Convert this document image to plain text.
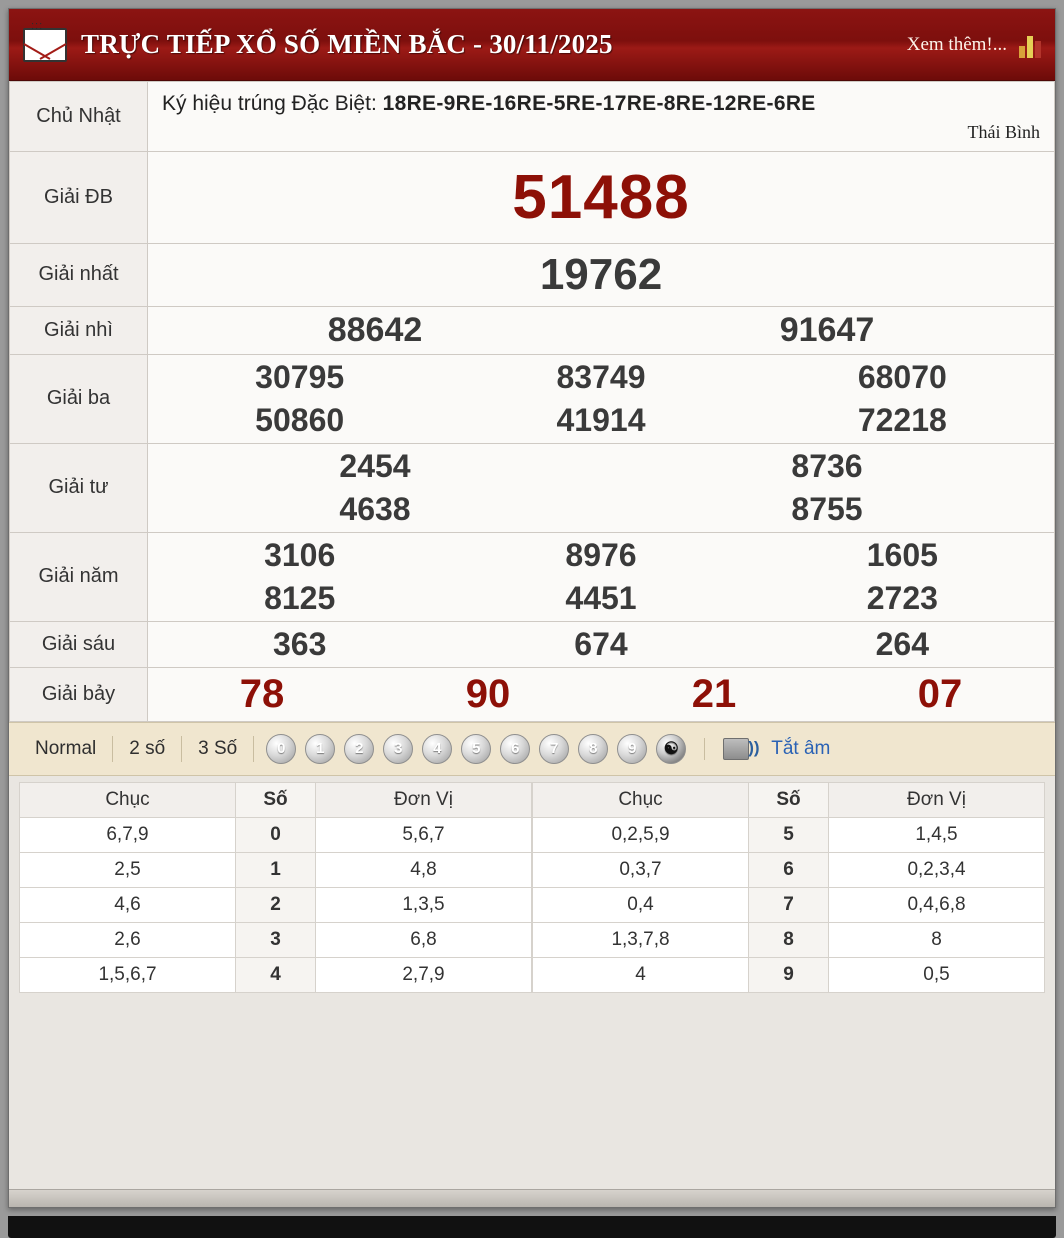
:::
TRỰC TIẾP XỔ SỐ MIỀN BẮC - 30/11/2025	Xem thêm!...
Chủ Nhật	Ký hiệu trúng Đặc Biệt: 18RE-9RE-16RE-5RE-17RE-8RE-12RE-6RE
Thái Bình

Giải ĐB	51488
Giải nhất	19762
Giải nhì		88642	91647

Giải ba	
30795	83749	68070
50860	41914	72218

Giải tư	
2454	8736
4638	8755

Giải năm	
3106	8976	1605
8125	4451	2723

Giải sáu		363	674	264

Giải bảy		78	90	21	07
Normal	2 số	3 Số	0	1	2	3	4	5	6	7	8	9	☯ ))	Tắt âm
Chục	Số	Đơn Vị
6,7,9	0	5,6,7
2,5	1	4,8
4,6	2	1,3,5
2,6	3	6,8
1,5,6,7	4	2,7,9
Chục	Số	Đơn Vị
0,2,5,9	5	1,4,5
0,3,7	6	0,2,3,4
0,4	7	0,4,6,8
1,3,7,8	8	8
4	9	0,5
